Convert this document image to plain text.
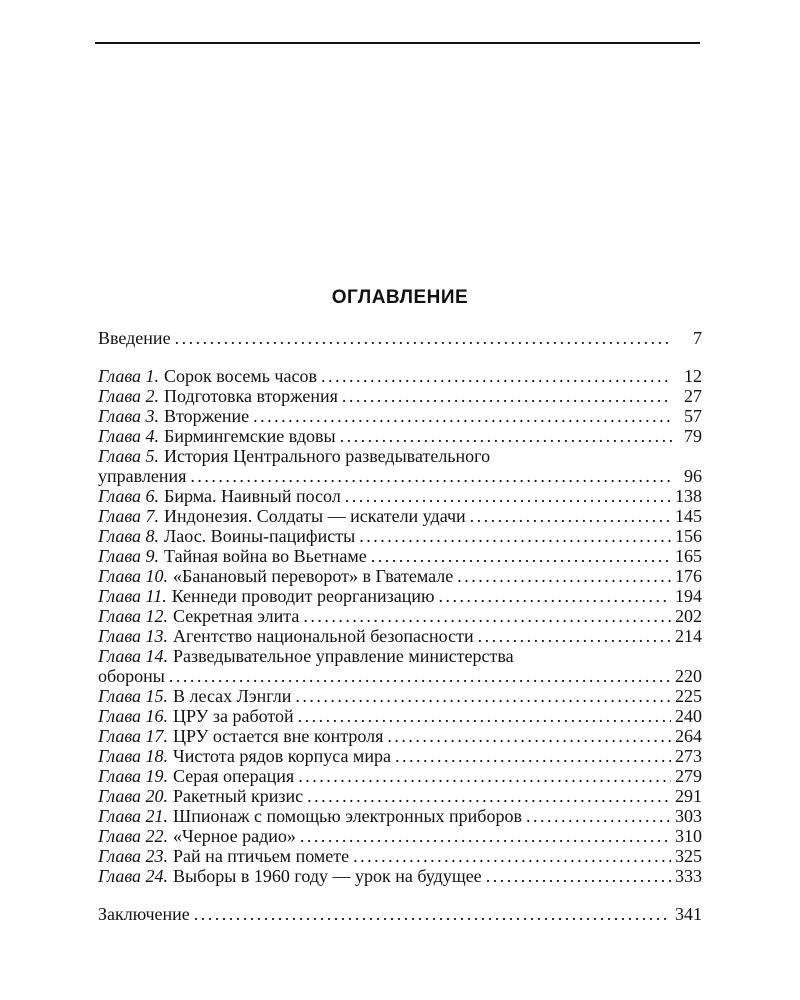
ОГЛАВЛЕНИЕ
Введение . . .	7
Глава 1. Сорок восемь часов . . .	12
Глава 2. Подготовка вторжения . . .	27
Глава 3. Вторжение . . .	57
Глава 4. Бирмингемские вдовы . . .	79
Глава 5. История Центрального разведывательного
управления . . .	96
Глава 6. Бирма. Наивный посол . . .	138
Глава 7. Индонезия. Солдаты — искатели удачи . . .	145
Глава 8. Лаос. Воины-пацифисты . . .	156
Глава 9. Тайная война во Вьетнаме . . .	165
Глава 10. «Банановый переворот» в Гватемале . . .	176
Глава 11. Кеннеди проводит реорганизацию . . .	194
Глава 12. Секретная элита . . .	202
Глава 13. Агентство национальной безопасности . . .	214
Глава 14. Разведывательное управление министерства
обороны . . .	220
Глава 15. В лесах Лэнгли . . .	225
Глава 16. ЦРУ за работой . . .	240
Глава 17. ЦРУ остается вне контроля . . .	264
Глава 18. Чистота рядов корпуса мира . . .	273
Глава 19. Серая операция . . .	279
Глава 20. Ракетный кризис . . .	291
Глава 21. Шпионаж с помощью электронных приборов . . .	303
Глава 22. «Черное радио» . . .	310
Глава 23. Рай на птичьем помете . . .	325
Глава 24. Выборы в 1960 году — урок на будущее . . .	333
Заключение . . .	341
